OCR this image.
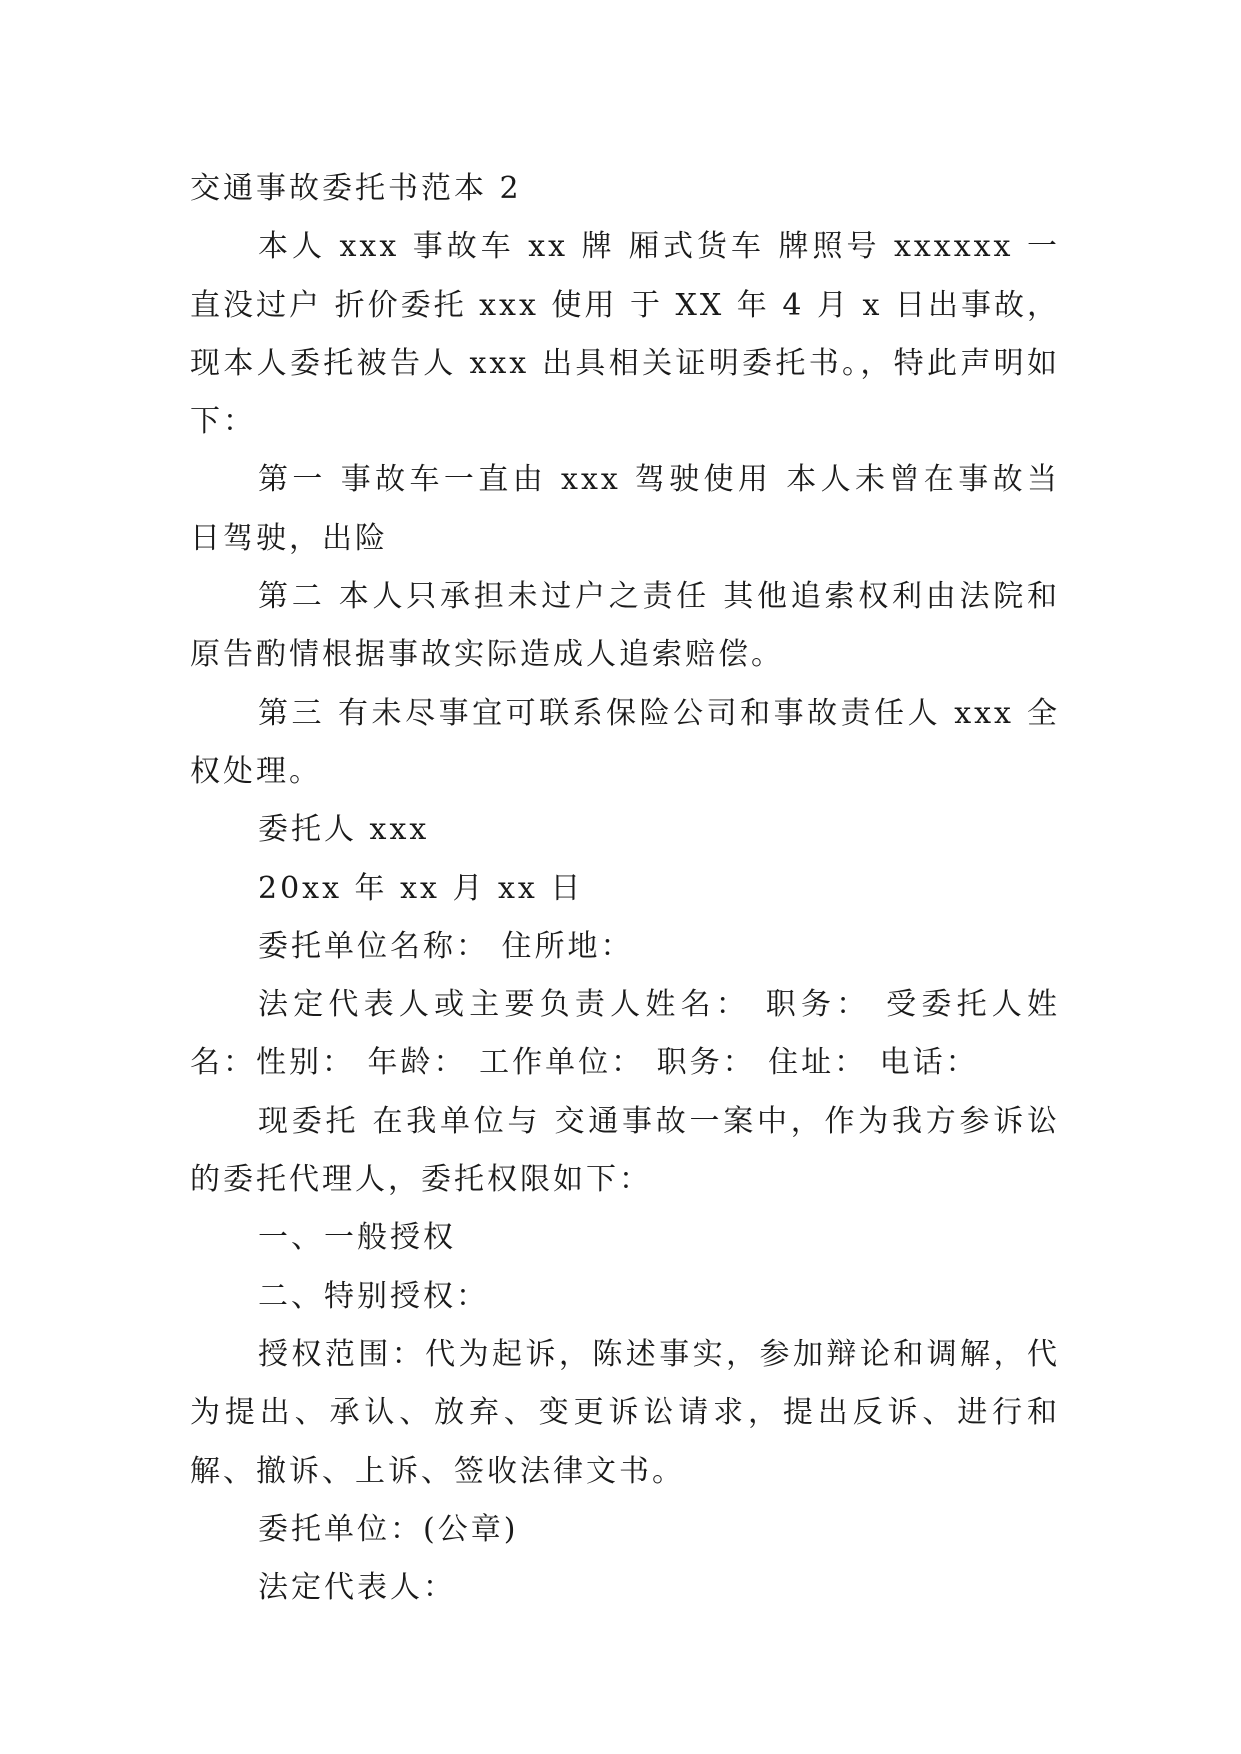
交通事故委托书范本 2

本人 xxx 事故车 xx 牌 厢式货车 牌照号 xxxxxx 一直没过户 折价委托 xxx 使用 于 XX 年 4 月 x 日出事故，现本人委托被告人 xxx 出具相关证明委托书。，特此声明如下：

第一 事故车一直由 xxx 驾驶使用 本人未曾在事故当日驾驶，出险

第二 本人只承担未过户之责任 其他追索权利由法院和原告酌情根据事故实际造成人追索赔偿。

第三 有未尽事宜可联系保险公司和事故责任人 xxx 全权处理。

委托人 xxx

20xx 年 xx 月 xx 日

委托单位名称： 住所地：

法定代表人或主要负责人姓名： 职务： 受委托人姓名：性别： 年龄： 工作单位： 职务： 住址： 电话：

现委托 在我单位与 交通事故一案中，作为我方参诉讼的委托代理人，委托权限如下：

一、一般授权

二、特别授权：

授权范围：代为起诉，陈述事实，参加辩论和调解，代为提出、承认、放弃、变更诉讼请求，提出反诉、进行和解、撤诉、上诉、签收法律文书。

委托单位：(公章)

法定代表人：
